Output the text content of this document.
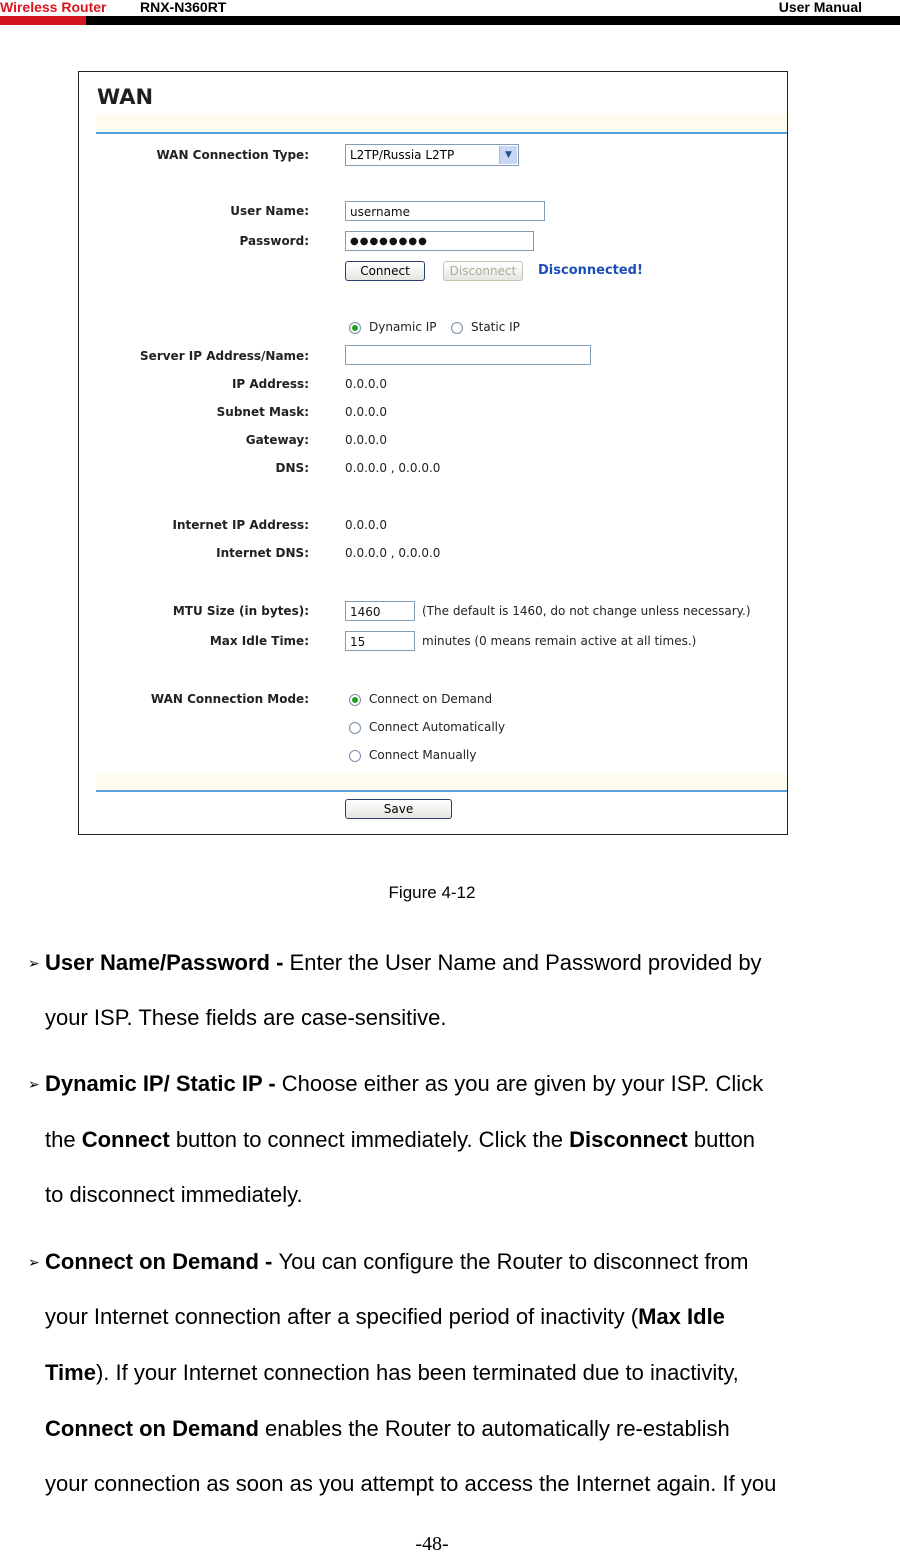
Wireless Router RNX-N360RT	User Manual
WAN
WAN Connection Type:	L2TP/Russia L2TP	▼
User Name:	username
Password:	●●●●●●●●
Connect	Disconnect	Disconnected!
Dynamic IP	Static IP
Server IP Address/Name:
IP Address:	0.0.0.0
Subnet Mask:	0.0.0.0
Gateway:	0.0.0.0
DNS:	0.0.0.0 , 0.0.0.0
Internet IP Address:	0.0.0.0
Internet DNS:	0.0.0.0 , 0.0.0.0
MTU Size (in bytes):	1460	(The default is 1460, do not change unless necessary.)
Max Idle Time:	15	minutes (0 means remain active at all times.)
WAN Connection Mode:	Connect on Demand
Connect Automatically
Connect Manually
Save
Figure 4-12
➢ User Name/Password - Enter the User Name and Password provided by
your ISP. These fields are case-sensitive.
➢ Dynamic IP/ Static IP - Choose either as you are given by your ISP. Click
the Connect button to connect immediately. Click the Disconnect button
to disconnect immediately.
➢ Connect on Demand - You can configure the Router to disconnect from
your Internet connection after a specified period of inactivity (Max Idle
Time). If your Internet connection has been terminated due to inactivity,
Connect on Demand enables the Router to automatically re-establish
your connection as soon as you attempt to access the Internet again. If you
-48-
